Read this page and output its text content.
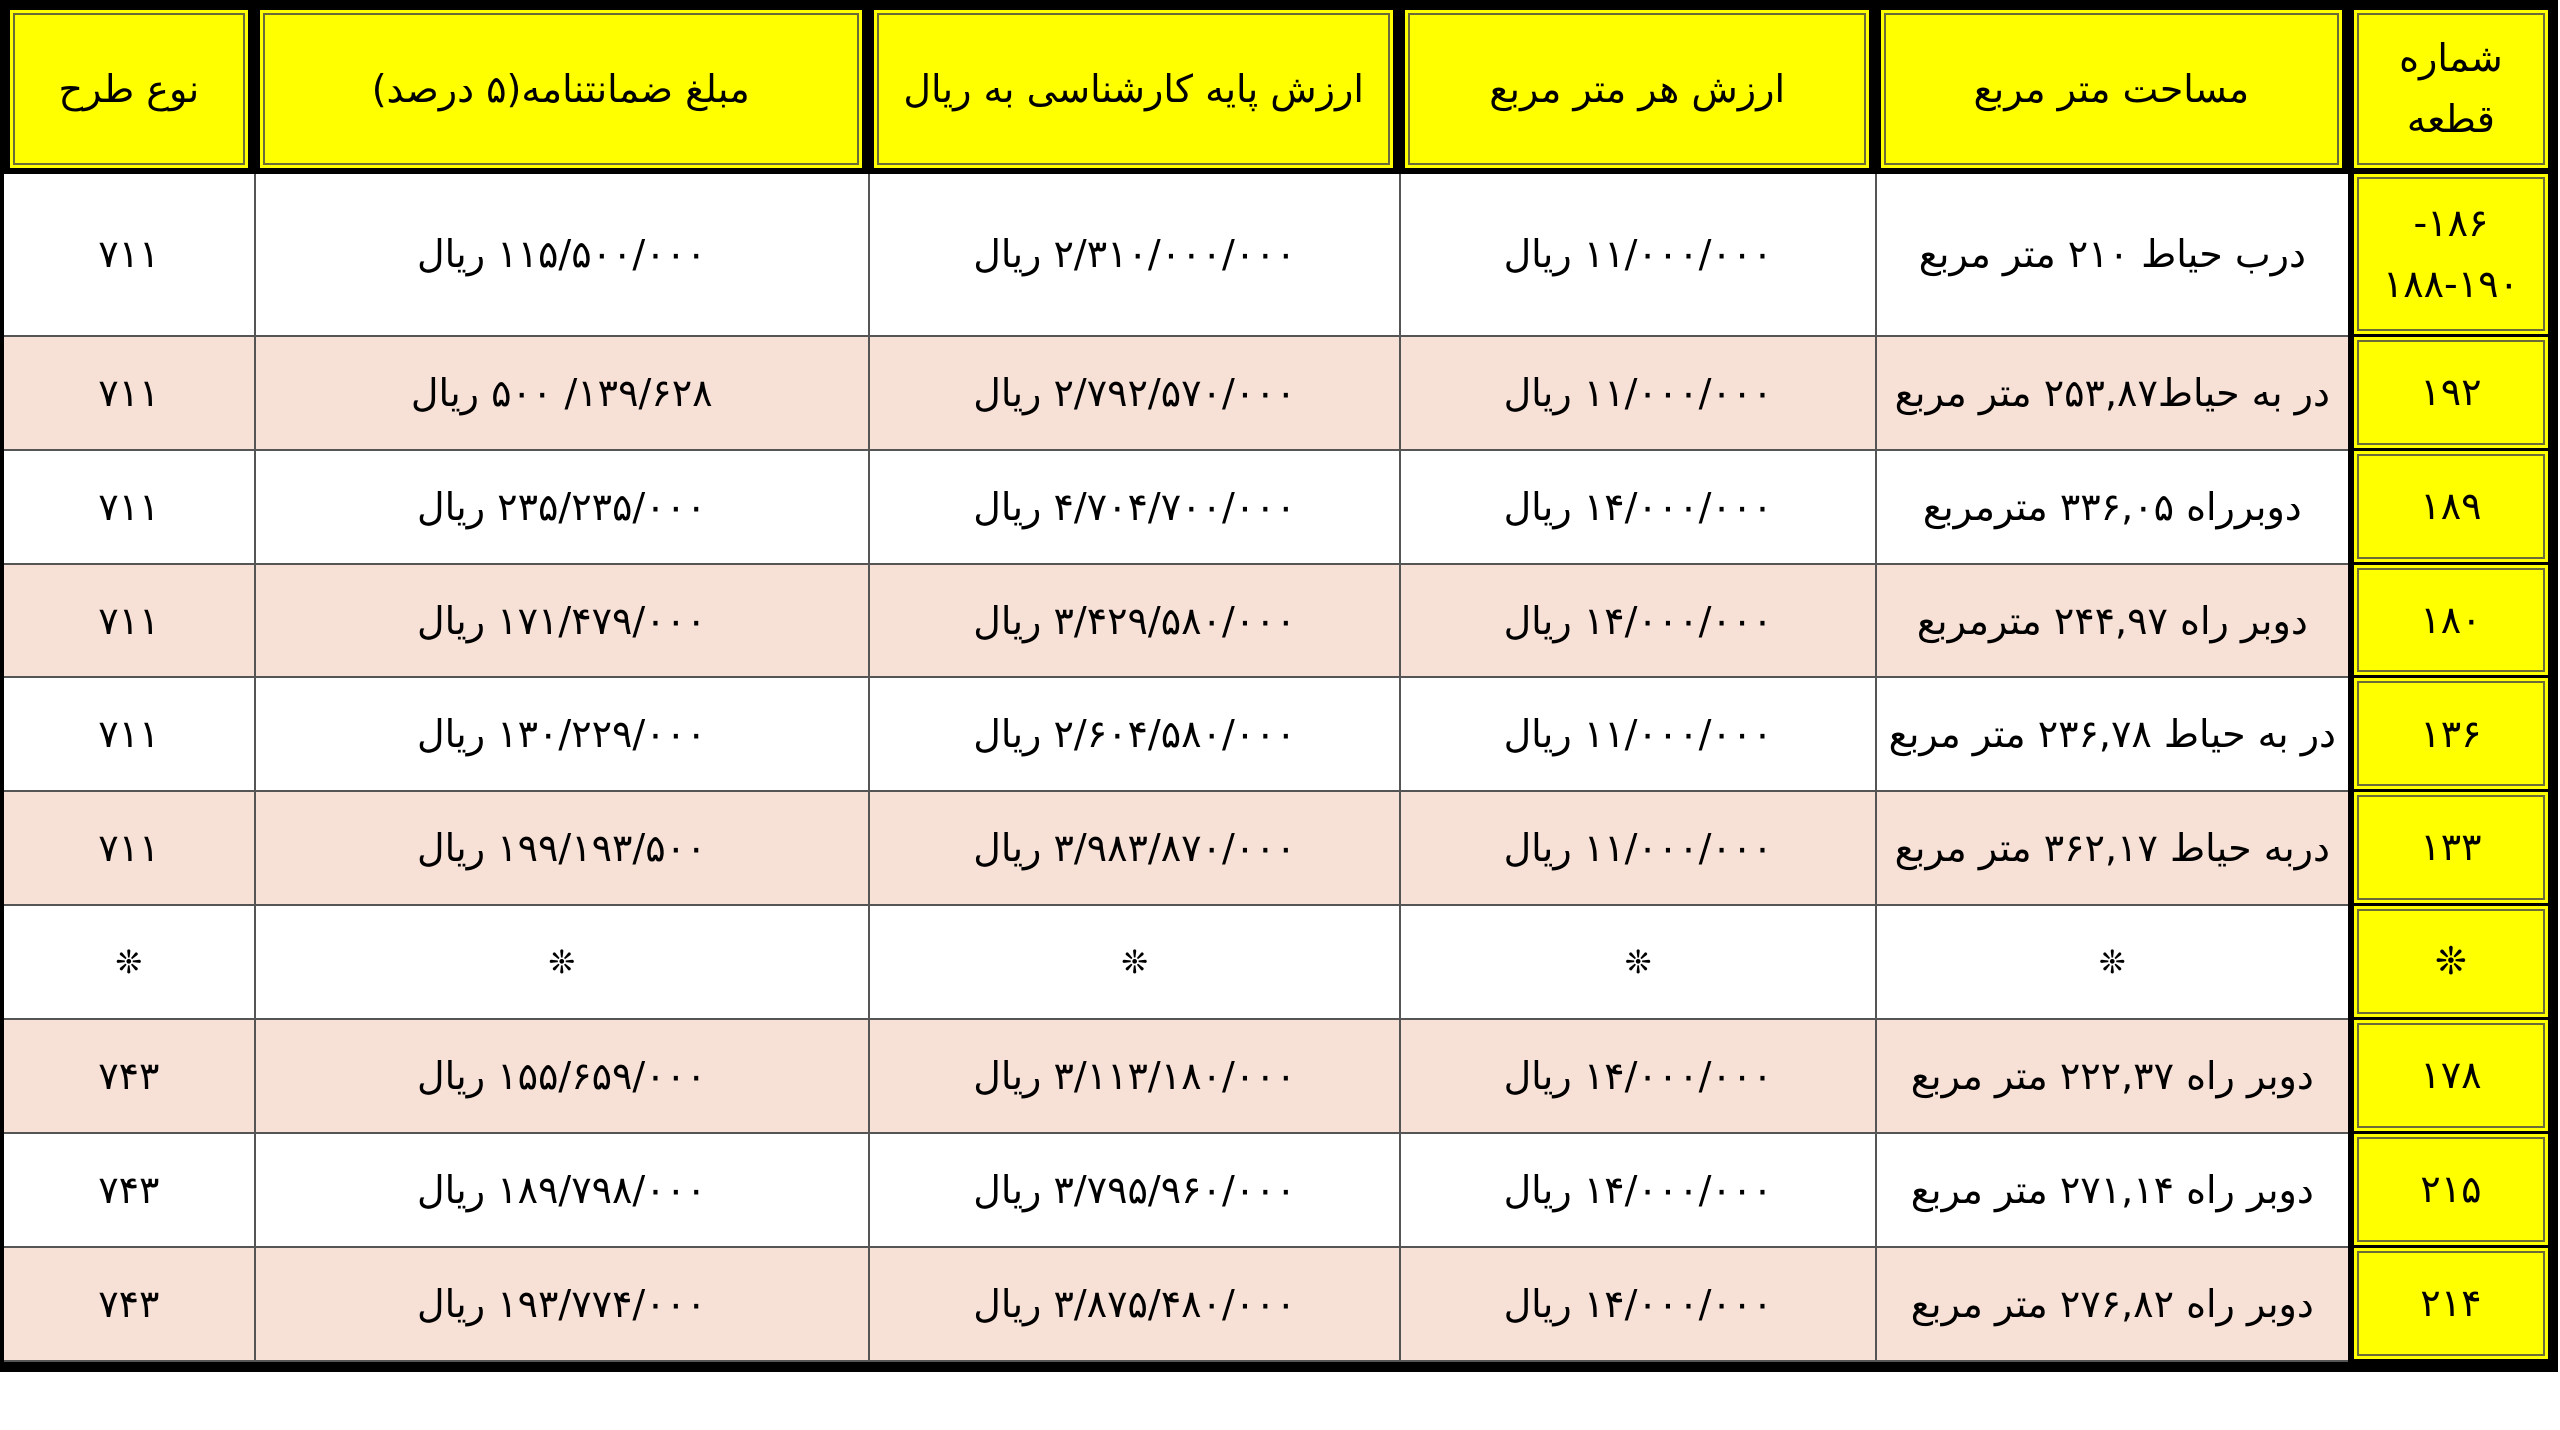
شماره
قطعه	مساحت متر مربع	ارزش هر متر مربع	ارزش پایه کارشناسی به ریال	مبلغ ضمانتنامه(۵ درصد)	نوع طرح

۱۸۶-
۱۸۸-۱۹۰	درب حیاط ۲۱۰ متر مربع	۱۱/۰۰۰/۰۰۰ ریال	۲/۳۱۰/۰۰۰/۰۰۰ ریال	۱۱۵/۵۰۰/۰۰۰ ریال	۷۱۱

۱۹۲	در به حیاط۲۵۳,۸۷ متر مربع	۱۱/۰۰۰/۰۰۰ ریال	۲/۷۹۲/۵۷۰/۰۰۰ ریال	۱۳۹/۶۲۸/ ۵۰۰ ریال	۷۱۱

۱۸۹	دوبرراه ۳۳۶,۰۵ مترمربع	۱۴/۰۰۰/۰۰۰ ریال	۴/۷۰۴/۷۰۰/۰۰۰ ریال	۲۳۵/۲۳۵/۰۰۰ ریال	۷۱۱

۱۸۰	دوبر راه ۲۴۴,۹۷ مترمربع	۱۴/۰۰۰/۰۰۰ ریال	۳/۴۲۹/۵۸۰/۰۰۰ ریال	۱۷۱/۴۷۹/۰۰۰ ریال	۷۱۱

۱۳۶	در به حیاط ۲۳۶,۷۸ متر مربع	۱۱/۰۰۰/۰۰۰ ریال	۲/۶۰۴/۵۸۰/۰۰۰ ریال	۱۳۰/۲۲۹/۰۰۰ ریال	۷۱۱

۱۳۳	دربه حیاط ۳۶۲,۱۷ متر مربع	۱۱/۰۰۰/۰۰۰ ریال	۳/۹۸۳/۸۷۰/۰۰۰ ریال	۱۹۹/۱۹۳/۵۰۰ ریال	۷۱۱

❊	❊	❊	❊	❊	❊

۱۷۸	دوبر راه ۲۲۲,۳۷ متر مربع	۱۴/۰۰۰/۰۰۰ ریال	۳/۱۱۳/۱۸۰/۰۰۰ ریال	۱۵۵/۶۵۹/۰۰۰ ریال	۷۴۳

۲۱۵	دوبر راه ۲۷۱,۱۴ متر مربع	۱۴/۰۰۰/۰۰۰ ریال	۳/۷۹۵/۹۶۰/۰۰۰ ریال	۱۸۹/۷۹۸/۰۰۰ ریال	۷۴۳

۲۱۴	دوبر راه ۲۷۶,۸۲ متر مربع	۱۴/۰۰۰/۰۰۰ ریال	۳/۸۷۵/۴۸۰/۰۰۰ ریال	۱۹۳/۷۷۴/۰۰۰ ریال	۷۴۳
